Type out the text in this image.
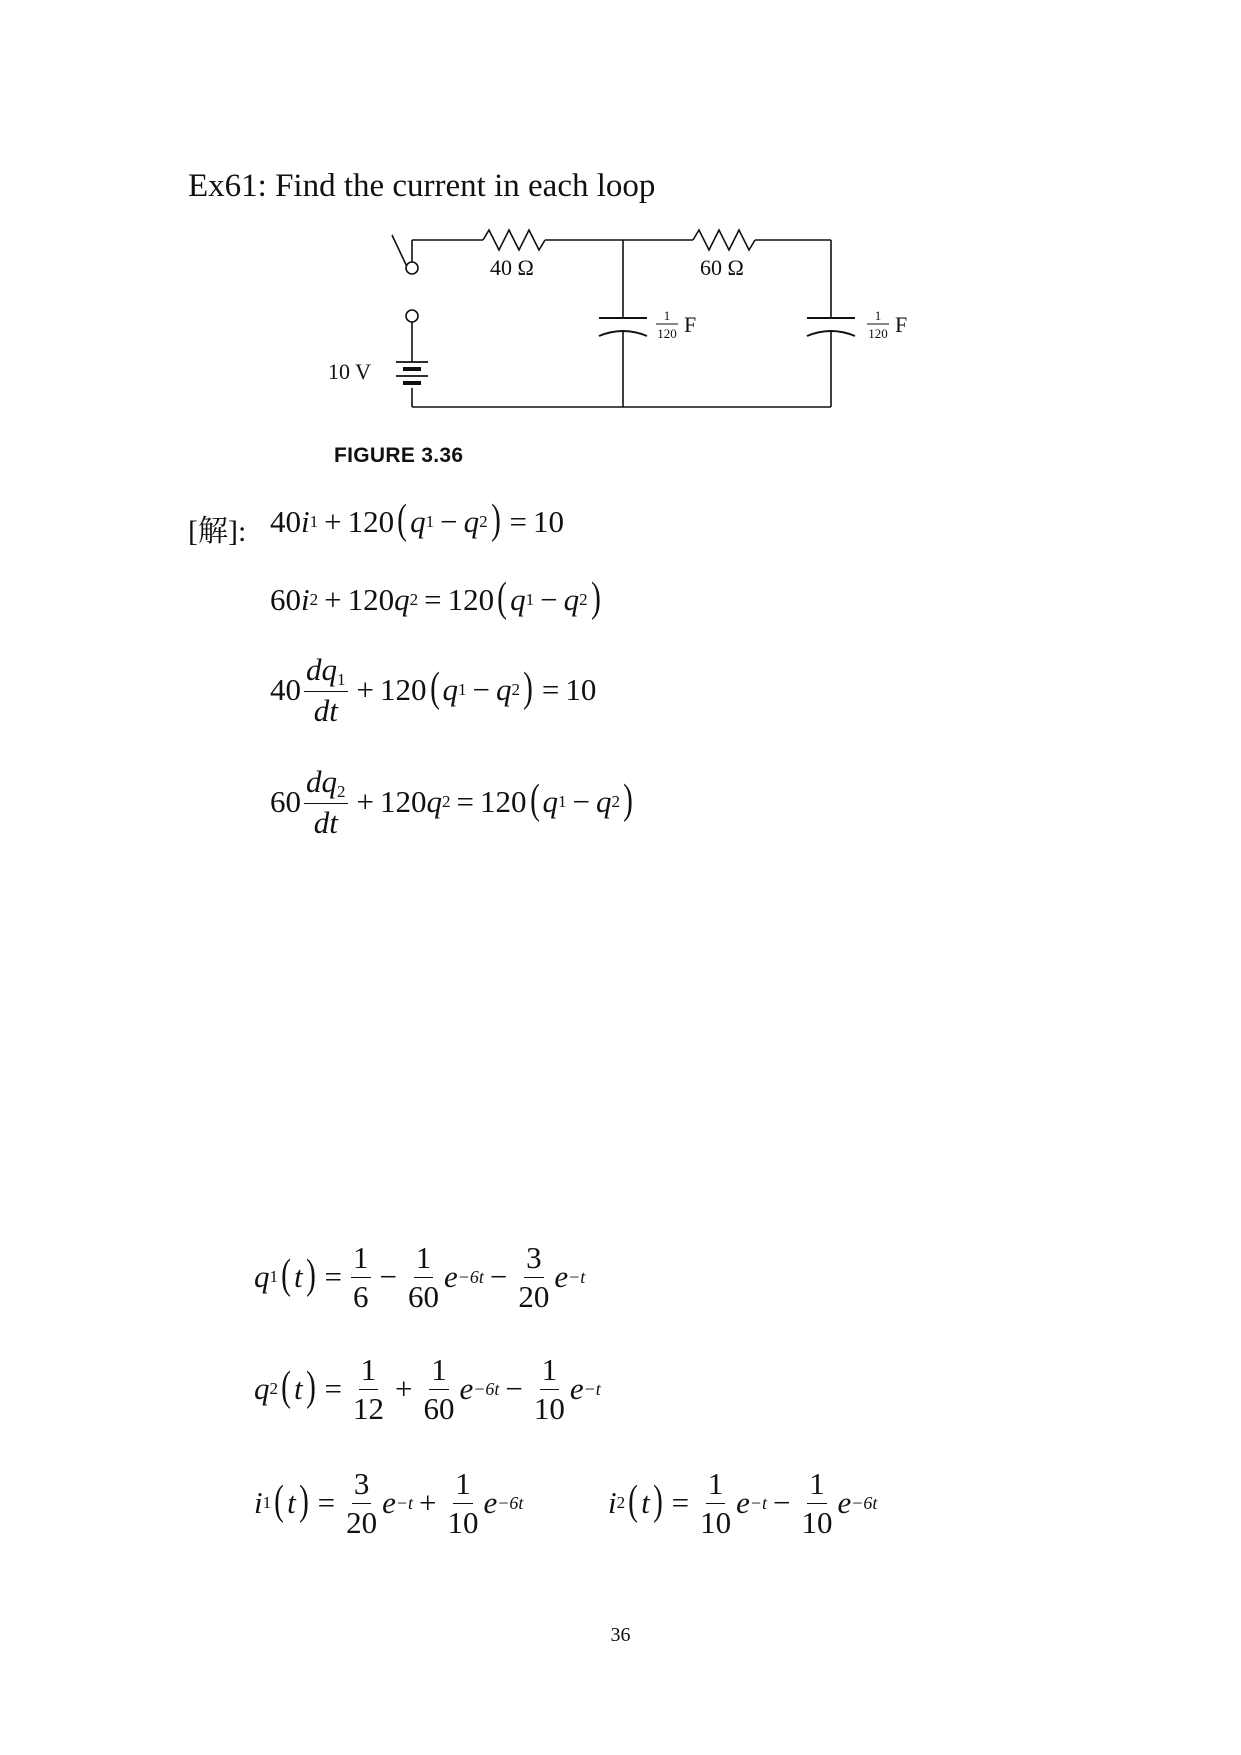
Ex61: Find the current in each loop
10 V
40 Ω	60 Ω
1
120 F	1
120 F
FIGURE 3.36
[解]: 40 i 1 + 120 ( q 1 − q 2 ) = 10
60 i 2 + 120 q 2 = 120 ( q 1 − q 2 )
$40 \frac{dq_1}{dt} + 120$ ( q 1 − q 2 ) = 10
$60 \frac{dq_2}{dt} + 120$ q 2 = 120 ( q 1 − q 2 )
q 1 ( t ) = $\frac{1}{6} - \frac{1}{60}$ $e -6t - \frac{3}{20}$ e −t
q 2 ( t ) = $\frac{1}{12} + \frac{1}{60}$ $e -6t - \frac{1}{10}$ e −t
i 1 ( t ) = $\frac{3}{20}$ $e -t + \frac{1}{10}$ e −6t	i 2 ( t ) = $\frac{1}{10}$ $e -t - \frac{1}{10}$ e −6t
36
